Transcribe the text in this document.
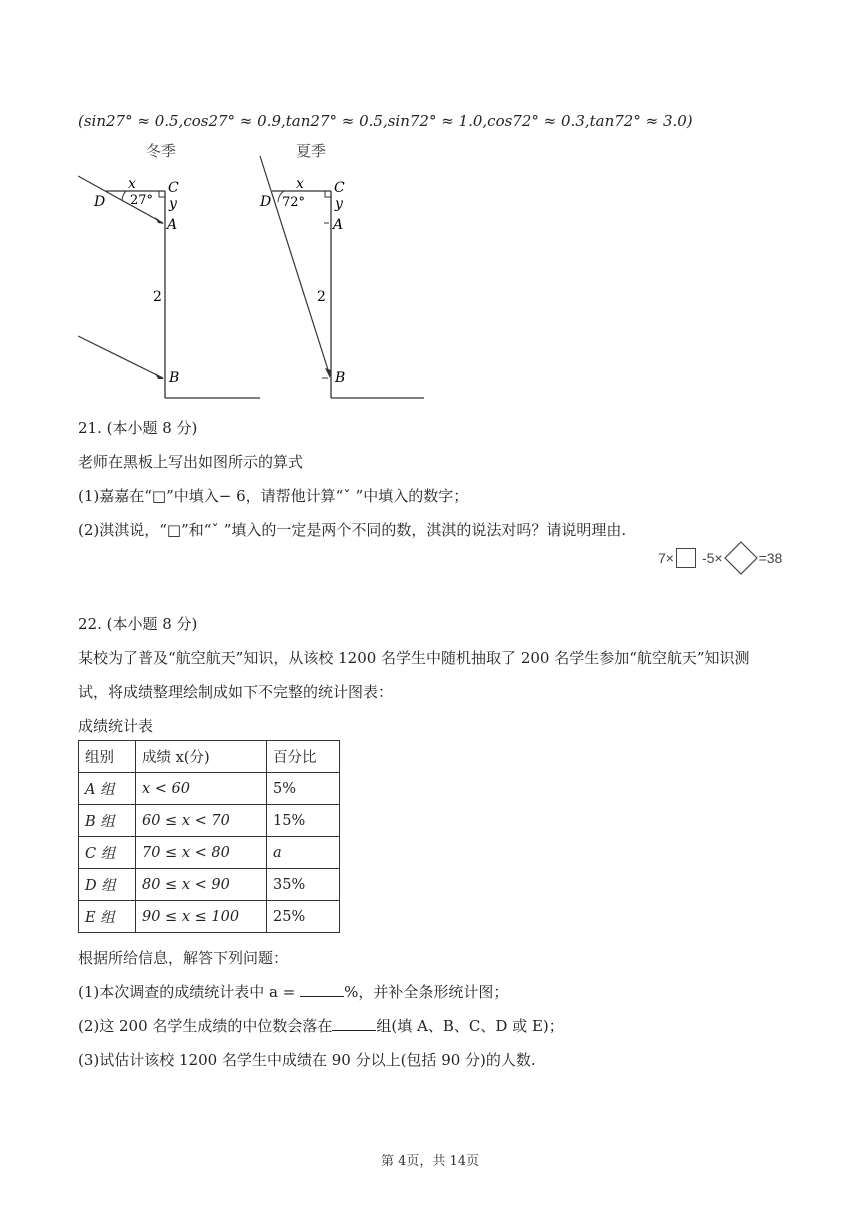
(sin27° ≈ 0.5,cos27° ≈ 0.9,tan27° ≈ 0.5,sin72° ≈ 1.0,cos72° ≈ 0.3,tan72° ≈ 3.0)
冬季
x
27°
C
D	y
A
2
B
夏季
x
72°
C
D	y
A
2
B
21. (本小题 8 分)
老师在黑板上写出如图所示的算式
(1)嘉嘉在“□”中填入− 6，请帮他计算“ˇ ”中填入的数字；
(2)淇淇说，“□”和“ˇ ”填入的一定是两个不同的数，淇淇的说法对吗？请说明理由.
7× -5×	=38
22. (本小题 8 分)
某校为了普及“航空航天”知识，从该校 1200 名学生中随机抽取了 200 名学生参加“航空航天”知识测
试，将成绩整理绘制成如下不完整的统计图表：
成绩统计表
组别	成绩 x(分)	百分比
A 组	x < 60	5%
B 组	60 ≤ x < 70	15%
C 组	70 ≤ x < 80	a
D 组	80 ≤ x < 90	35%
E 组	90 ≤ x ≤ 100	25%
根据所给信息，解答下列问题：
(1)本次调查的成绩统计表中 a =	%，并补全条形统计图；
(2)这 200 名学生成绩的中位数会落在	组(填 A、B、C、D 或 E)；
(3)试估计该校 1200 名学生中成绩在 90 分以上(包括 90 分)的人数.
第 4页，共 14页
